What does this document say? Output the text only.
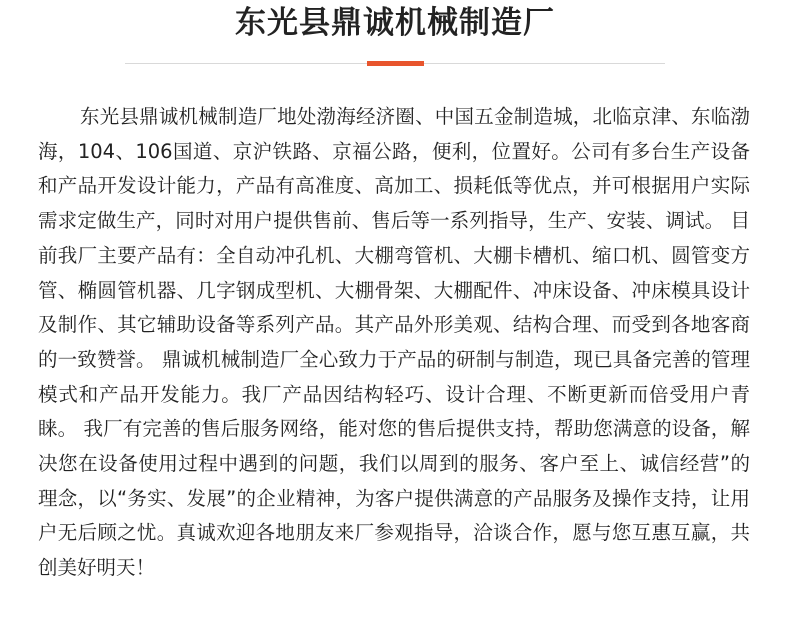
东光县鼎诚机械制造厂
东光县鼎诚机械制造厂地处渤海经济圈、中国五金制造城，北临京津、东临渤海，104、106国道、京沪铁路、京福公路，便利，位置好。公司有多台生产设备和产品开发设计能力，产品有高准度、高加工、损耗低等优点，并可根据用户实际需求定做生产，同时对用户提供售前、售后等一系列指导，生产、安装、调试。 目前我厂主要产品有：全自动冲孔机、大棚弯管机、大棚卡槽机、缩口机、圆管变方管、椭圆管机器、几字钢成型机、大棚骨架、大棚配件、冲床设备、冲床模具设计及制作、其它辅助设备等系列产品。其产品外形美观、结构合理、而受到各地客商的一致赞誉。 鼎诚机械制造厂全心致力于产品的研制与制造，现已具备完善的管理模式和产品开发能力。我厂产品因结构轻巧、设计合理、不断更新而倍受用户青睐。 我厂有完善的售后服务网络，能对您的售后提供支持，帮助您满意的设备，解决您在设备使用过程中遇到的问题，我们以周到的服务、客户至上、诚信经营”的理念，以“务实、发展”的企业精神，为客户提供满意的产品服务及操作支持，让用户无后顾之忧。真诚欢迎各地朋友来厂参观指导，洽谈合作，愿与您互惠互赢，共创美好明天！
